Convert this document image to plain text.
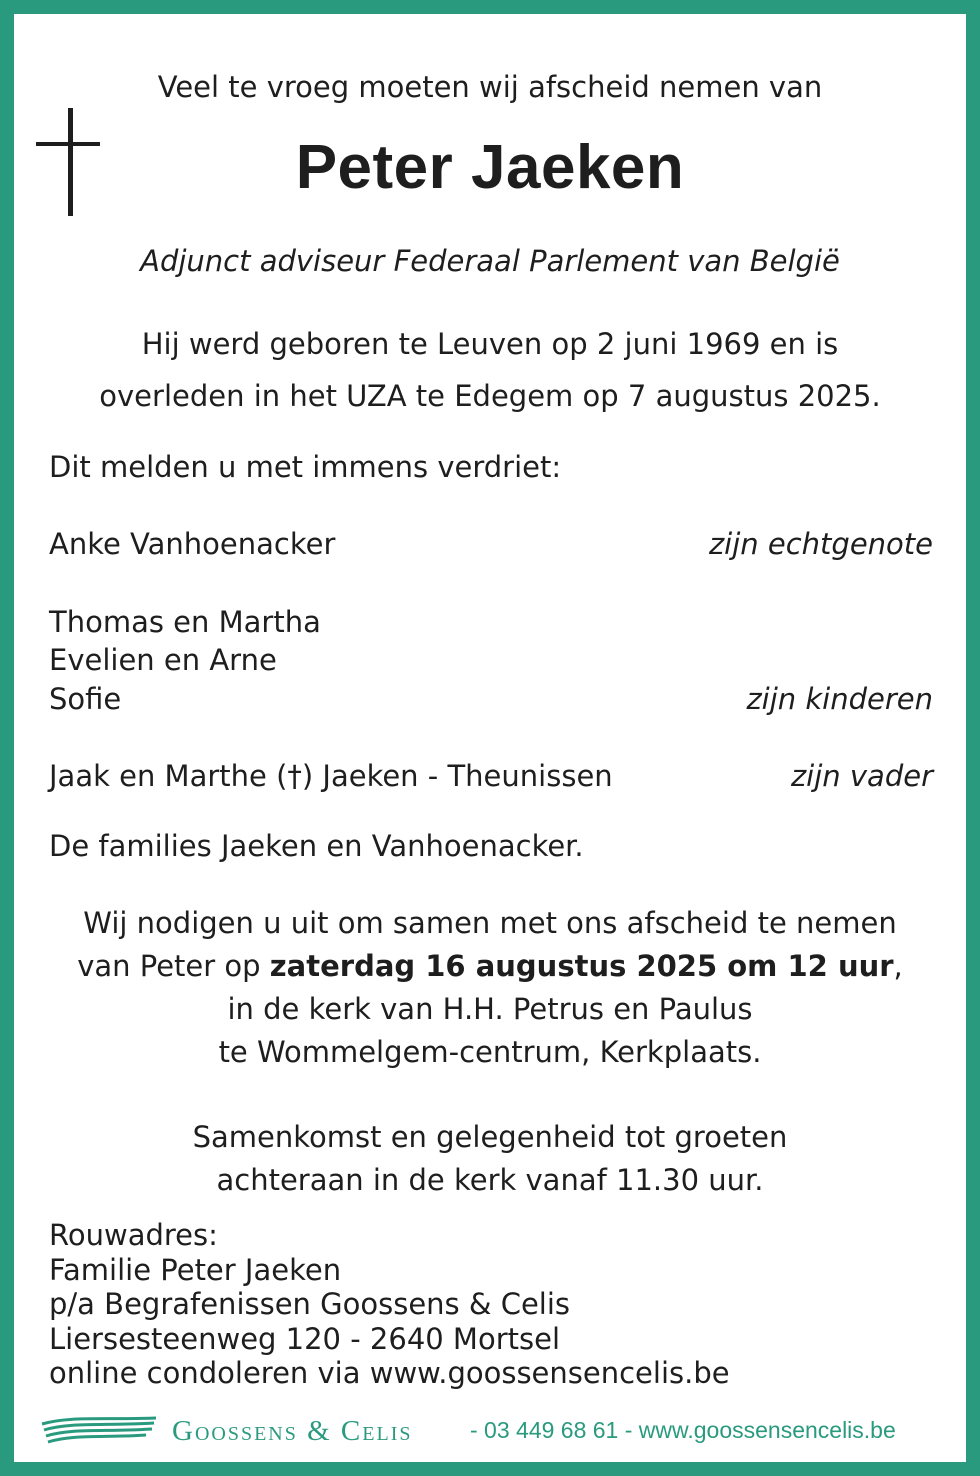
Veel te vroeg moeten wij afscheid nemen van
Peter Jaeken
Adjunct adviseur Federaal Parlement van België
Hij werd geboren te Leuven op 2 juni 1969 en is
overleden in het UZA te Edegem op 7 augustus 2025.
Dit melden u met immens verdriet:
Anke Vanhoenacker	zijn echtgenote
Thomas en Martha
Evelien en Arne
Sofie	zijn kinderen
Jaak en Marthe (†) Jaeken - Theunissen	zijn vader
De families Jaeken en Vanhoenacker.
Wij nodigen u uit om samen met ons afscheid te nemen
van Peter op zaterdag 16 augustus 2025 om 12 uur,
in de kerk van H.H. Petrus en Paulus
te Wommelgem-centrum, Kerkplaats.
Samenkomst en gelegenheid tot groeten
achteraan in de kerk vanaf 11.30 uur.
Rouwadres:
Familie Peter Jaeken
p/a Begrafenissen Goossens & Celis
Liersesteenweg 120 - 2640 Mortsel
online condoleren via www.goossensencelis.be
Goossens & Celis	- 03 449 68 61 - www.goossensencelis.be
